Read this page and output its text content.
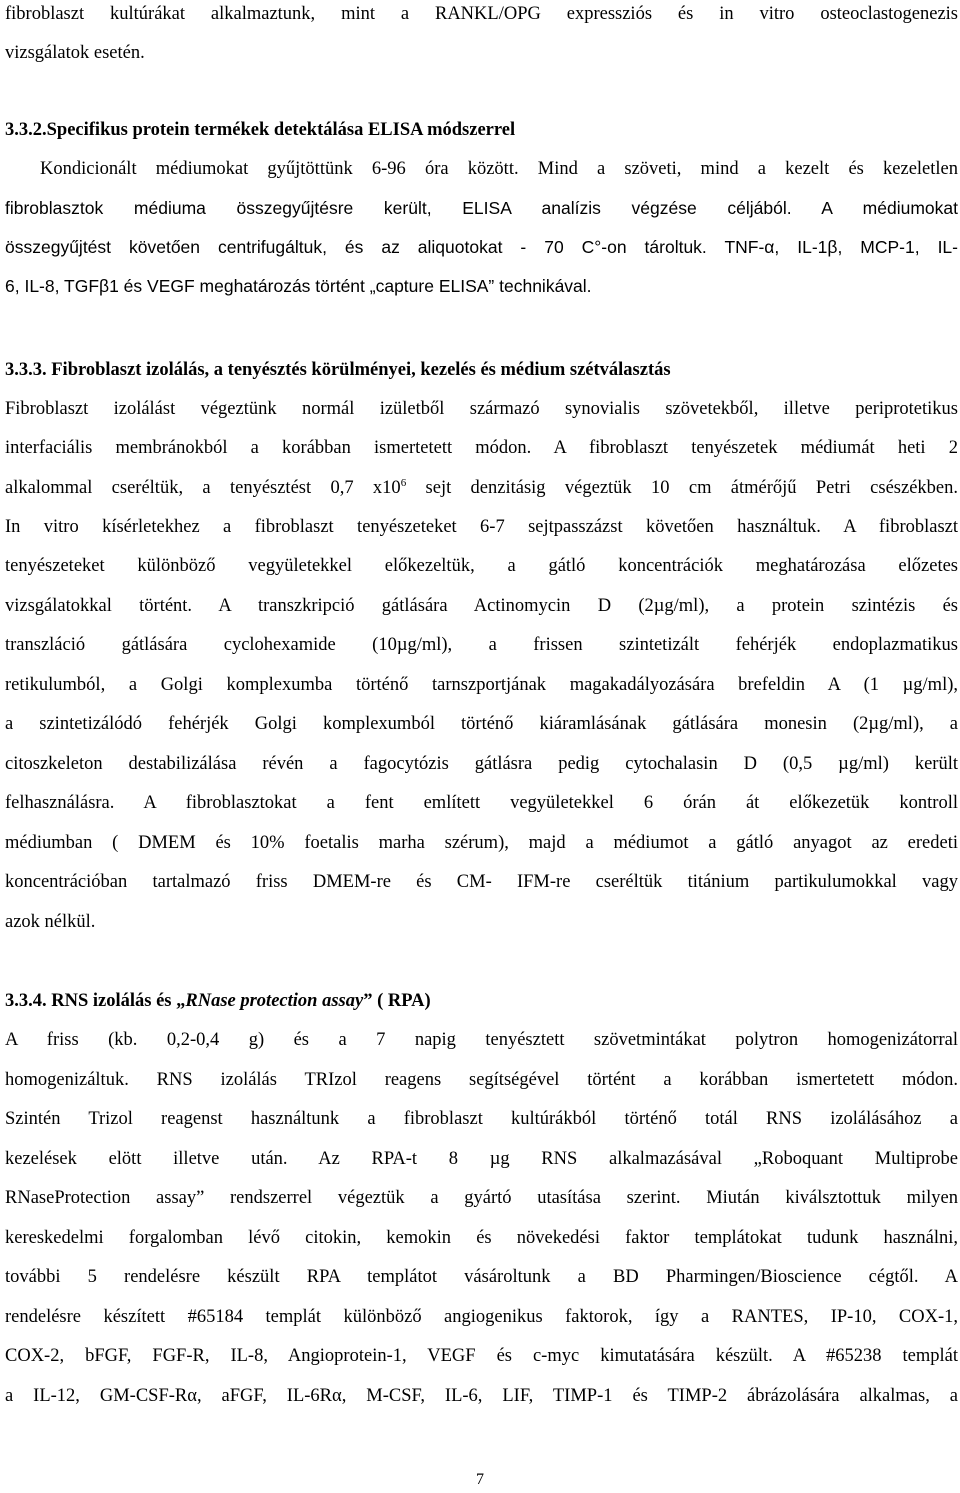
fibroblaszt kultúrákat alkalmaztunk, mint a RANKL/OPG expressziós és in vitro osteoclastogenezis
vizsgálatok esetén.
3.3.2.Specifikus protein termékek detektálása ELISA módszerrel
Kondicionált médiumokat gyűjtöttünk 6-96 óra között. Mind a szöveti, mind a kezelt és kezeletlen
fibroblasztok médiuma összegyűjtésre került, ELISA analízis végzése céljából. A médiumokat
összegyűjtést követően centrifugáltuk, és az aliquotokat - 70 C°-on tároltuk. TNF-α, IL-1β, MCP-1, IL-
6, IL-8, TGFβ1 és VEGF meghatározás történt „capture ELISA” technikával.
3.3.3. Fibroblaszt izolálás, a tenyésztés körülményei, kezelés és médium szétválasztás
Fibroblaszt izolálást végeztünk normál izületből származó synovialis szövetekből, illetve periprotetikus
interfaciális membránokból a korábban ismertetett módon. A fibroblaszt tenyészetek médiumát heti 2
alkalommal cseréltük, a tenyésztést 0,7 $x10^6$ sejt denzitásig végeztük 10 cm átmérőjű Petri csészékben.
In vitro kísérletekhez a fibroblaszt tenyészeteket 6-7 sejtpasszázst követően használtuk. A fibroblaszt
tenyészeteket különböző vegyületekkel előkezeltük, a gátló koncentrációk meghatározása előzetes
vizsgálatokkal történt. A transzkripció gátlására Actinomycin D (2µg/ml), a protein szintézis és
transzláció gátlására cyclohexamide (10µg/ml), a frissen szintetizált fehérjék endoplazmatikus
retikulumból, a Golgi komplexumba történő tarnszportjának magakadályozására brefeldin A (1 µg/ml),
a szintetizálódó fehérjék Golgi komplexumból történő kiáramlásának gátlására monesin (2µg/ml), a
citoszkeleton destabilizálása révén a fagocytózis gátlásra pedig cytochalasin D (0,5 µg/ml) került
felhasználásra. A fibroblasztokat a fent említett vegyületekkel 6 órán át előkezetük kontroll
médiumban ( DMEM és 10% foetalis marha szérum), majd a médiumot a gátló anyagot az eredeti
koncentrációban tartalmazó friss DMEM-re és CM- IFM-re cseréltük titánium partikulumokkal vagy
azok nélkül.
3.3.4. RNS izolálás és „RNase protection assay” ( RPA)
A friss (kb. 0,2-0,4 g) és a 7 napig tenyésztett szövetmintákat polytron homogenizátorral
homogenizáltuk. RNS izolálás TRIzol reagens segítségével történt a korábban ismertetett módon.
Szintén Trizol reagenst használtunk a fibroblaszt kultúrákból történő totál RNS izolálásához a
kezelések elött illetve után. Az RPA-t 8 µg RNS alkalmazásával „Roboquant Multiprobe
RNaseProtection assay” rendszerrel végeztük a gyártó utasítása szerint. Miután kiválsztottuk milyen
kereskedelmi forgalomban lévő citokin, kemokin és növekedési faktor templátokat tudunk használni,
további 5 rendelésre készült RPA templátot vásároltunk a BD Pharmingen/Bioscience cégtől. A
rendelésre készített #65184 templát különböző angiogenikus faktorok, így a RANTES, IP-10, COX-1,
COX-2, bFGF, FGF-R, IL-8, Angioprotein-1, VEGF és c-myc kimutatására készült. A #65238 templát
a IL-12, GM-CSF-Rα, aFGF, IL-6Rα, M-CSF, IL-6, LIF, TIMP-1 és TIMP-2 ábrázolására alkalmas, a
7
